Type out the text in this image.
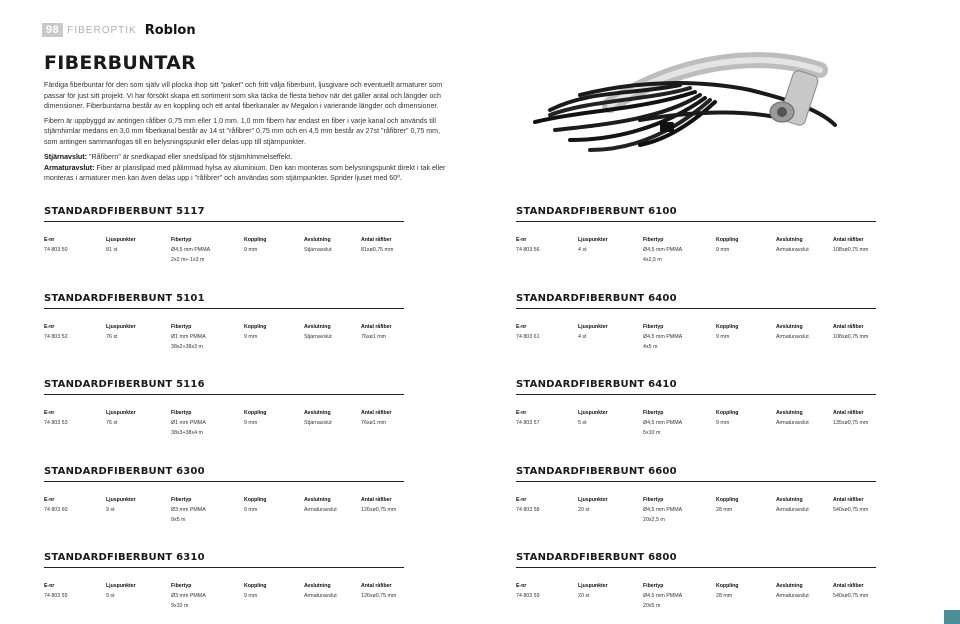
98 FIBEROPTIK Roblon
FIBERBUNTAR

Färdiga fiberbuntar för den som själv vill plocka ihop sitt "paket" och fritt välja fiberbunt, ljusgivare och eventuellt armaturer som passar för just sitt projekt. Vi har försökt skapa ett sortiment som ska täcka de flesta behov när det gäller antal och längder och dimensioner. Fiberbuntarna består av en koppling och ett antal fiberkanaler av Megalon i varierande längder och dimensioner.

Fibern är uppbyggd av antingen råfiber 0,75 mm eller 1,0 mm. 1,0 mm fibern har endast en fiber i varje kanal och används till stjärnhimlar medans en 3,0 mm fiberkanal består av 14 st "råfibrer" 0,75 mm och en 4,5 mm består av 27st "råfibrer" 0,75 mm, som antingen sammanfogas till en belysningspunkt eller delas upp till stjärnpunkter.

Stjärnavslut: "Råfibern" är snedkapad eller snedslipad för stjärnhimmelseffekt.

Armaturavslut: Fiber är planslipad med pålimmad hylsa av aluminium. Den kan monteras som belysningspunkt direkt i tak eller monteras i armaturer men kan även delas upp i "råfibrer" och användas som stjärnpunkter. Sprider ljuset med 60º.

STANDARDFIBERBUNT 5117
E-nr
74 803 50
Ljuspunkter
81 st
Fibertyp
Ø4,5 mm PMMA
Koppling
9 mm
Avslutning
Stjärnavslut
Antal råfiber
81xø0,75 mm
2x2 m+ 1x3 m
STANDARDFIBERBUNT 5101
E-nr
74 803 52
Ljuspunkter
76 st
Fibertyp
Ø1 mm PMMA
Koppling
9 mm
Avslutning
Stjärnavslut
Antal råfiber
76xø1 mm
38x2+38x3 m
STANDARDFIBERBUNT 5116
E-nr
74 803 53
Ljuspunkter
76 st
Fibertyp
Ø1 mm PMMA
Koppling
9 mm
Avslutning
Stjärnavslut
Antal råfiber
76xø1 mm
38x3+38x4 m
STANDARDFIBERBUNT 6300
E-nr
74 803 60
Ljuspunkter
9 st
Fibertyp
Ø3 mm PMMA
Koppling
9 mm
Avslutning
Armaturavslut
Antal råfiber
126xø0,75 mm
9x5 m
STANDARDFIBERBUNT 6310
E-nr
74 803 55
Ljuspunkter
9 st
Fibertyp
Ø3 mm PMMA
Koppling
9 mm
Avslutning
Armaturavslut
Antal råfiber
126xø0,75 mm
9x10 m
STANDARDFIBERBUNT 6100
E-nr
74 803 56
Ljuspunkter
4 st
Fibertyp
Ø4,5 mm PMMA
Koppling
9 mm
Avslutning
Armaturavslut
Antal råfiber
108xø0,75 mm
4x2,5 m
STANDARDFIBERBUNT 6400
E-nr
74 803 61
Ljuspunkter
4 st
Fibertyp
Ø4,5 mm PMMA
Koppling
9 mm
Avslutning
Armaturavslut
Antal råfiber
108xø0,75 mm
4x5 m
STANDARDFIBERBUNT 6410
E-nr
74 803 57
Ljuspunkter
5 st
Fibertyp
Ø4,5 mm PMMA
Koppling
9 mm
Avslutning
Armaturavslut
Antal råfiber
135xø0,75 mm
5x10 m
STANDARDFIBERBUNT 6600
E-nr
74 803 58
Ljuspunkter
20 st
Fibertyp
Ø4,5 mm PMMA
Koppling
28 mm
Avslutning
Armaturavslut
Antal råfiber
540xø0,75 mm
20x2,5 m
STANDARDFIBERBUNT 6800
E-nr
74 803 59
Ljuspunkter
20 st
Fibertyp
Ø4,5 mm PMMA
Koppling
28 mm
Avslutning
Armaturavslut
Antal råfiber
540xø0,75 mm
20x5 m
